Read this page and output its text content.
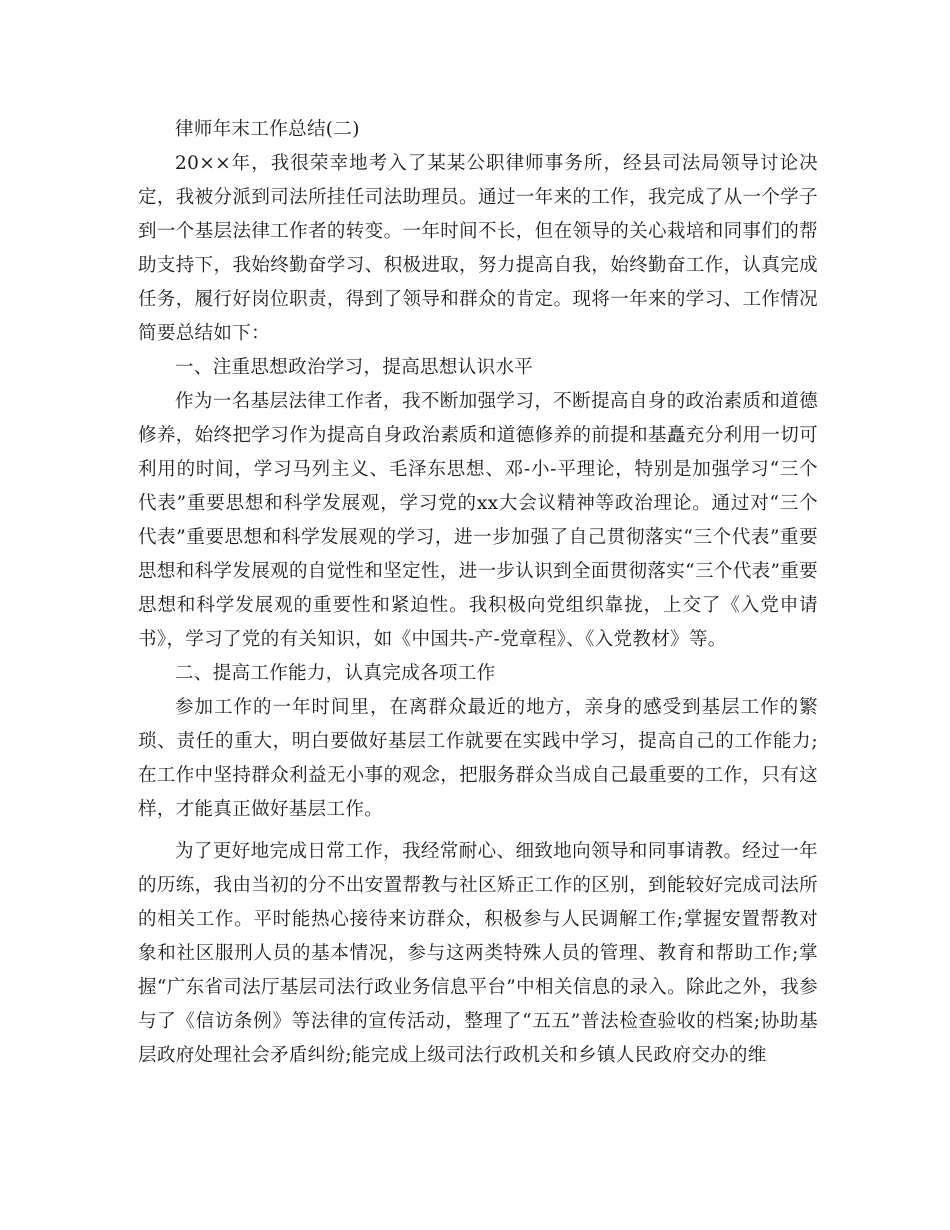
律师年末工作总结(二)

20××年，我很荣幸地考入了某某公职律师事务所，经县司法局领导讨论决定，我被分派到司法所挂任司法助理员。通过一年来的工作，我完成了从一个学子到一个基层法律工作者的转变。一年时间不长，但在领导的关心栽培和同事们的帮助支持下，我始终勤奋学习、积极进取，努力提高自我，始终勤奋工作，认真完成任务，履行好岗位职责，得到了领导和群众的肯定。现将一年来的学习、工作情况简要总结如下：

一、注重思想政治学习，提高思想认识水平

作为一名基层法律工作者，我不断加强学习，不断提高自身的政治素质和道德修养，始终把学习作为提高自身政治素质和道德修养的前提和基矗充分利用一切可利用的时间，学习马列主义、毛泽东思想、邓-小-平理论，特别是加强学习“三个代表”重要思想和科学发展观，学习党的xx大会议精神等政治理论。通过对“三个代表”重要思想和科学发展观的学习，进一步加强了自己贯彻落实“三个代表”重要思想和科学发展观的自觉性和坚定性，进一步认识到全面贯彻落实“三个代表”重要思想和科学发展观的重要性和紧迫性。我积极向党组织靠拢，上交了《入党申请书》，学习了党的有关知识，如《中国共-产-党章程》、《入党教材》等。

二、提高工作能力，认真完成各项工作

参加工作的一年时间里，在离群众最近的地方，亲身的感受到基层工作的繁琐、责任的重大，明白要做好基层工作就要在实践中学习，提高自己的工作能力;在工作中坚持群众利益无小事的观念，把服务群众当成自己最重要的工作，只有这样，才能真正做好基层工作。

为了更好地完成日常工作，我经常耐心、细致地向领导和同事请教。经过一年的历练，我由当初的分不出安置帮教与社区矫正工作的区别，到能较好完成司法所的相关工作。平时能热心接待来访群众，积极参与人民调解工作;掌握安置帮教对象和社区服刑人员的基本情况，参与这两类特殊人员的管理、教育和帮助工作;掌握“广东省司法厅基层司法行政业务信息平台”中相关信息的录入。除此之外，我参与了《信访条例》等法律的宣传活动，整理了“五五”普法检查验收的档案;协助基层政府处理社会矛盾纠纷;能完成上级司法行政机关和乡镇人民政府交办的维
